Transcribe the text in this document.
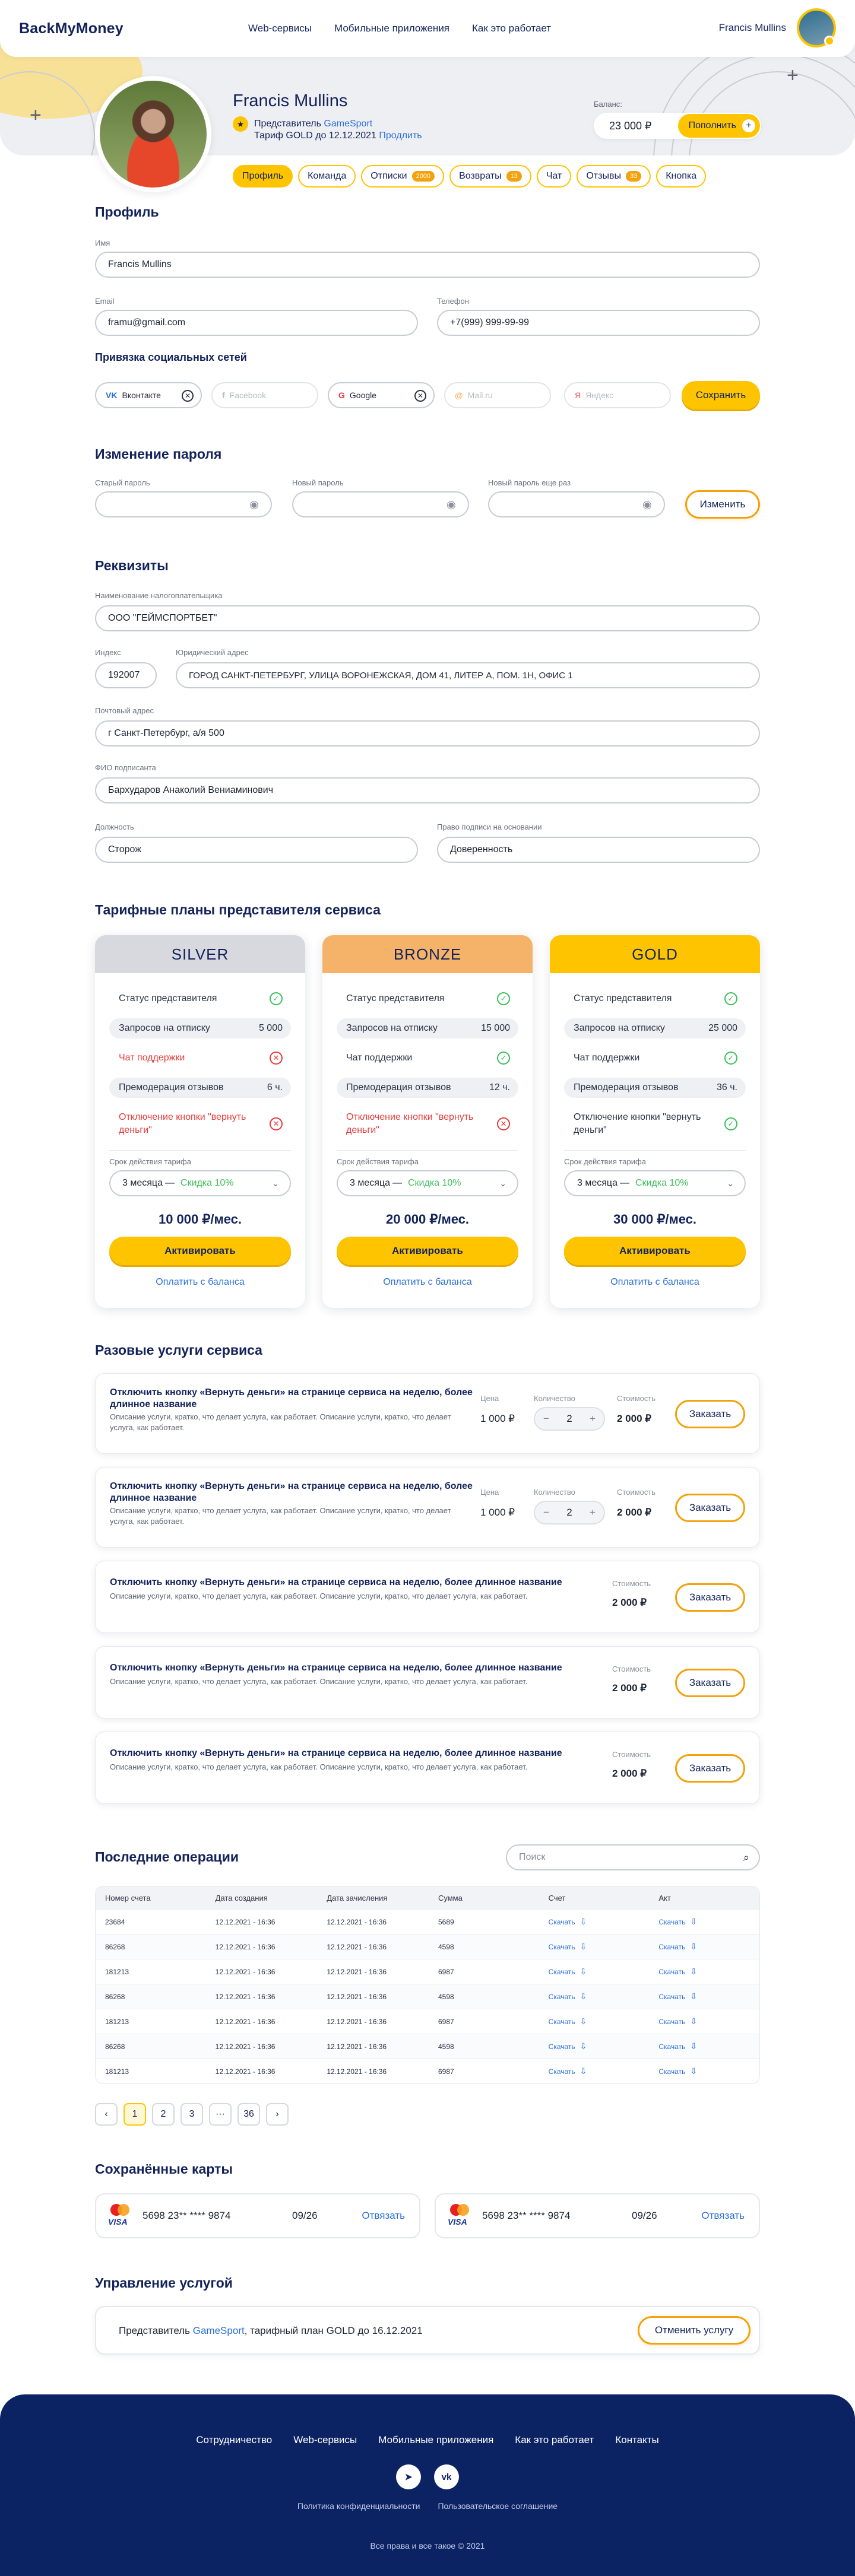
+
+
BackMyMoney	Web-сервисы Мобильные приложения Как это работает	Francis Mullins
Francis Mullins
★	Представитель GameSport
Тариф GOLD до 12.12.2021 Продлить
Баланс:
23 000 ₽	Пополнить	+
Профиль	Команда	Отписки	2000	Возвраты	13	Чат	Отзывы	33	Кнопка
Профиль
Имя
Francis Mullins
Email
framu@gmail.com
Телефон
+7(999) 999-99-99
Привязка социальных сетей
VK Вконтакте	✕	f Facebook	G Google	✕	@ Mail.ru	Я Яндекс	Сохранить
Изменение пароля
Старый пароль
◉
Новый пароль
◉
Новый пароль еще раз
◉	Изменить
Реквизиты
Наименование налогоплательщика
ООО "ГЕЙМСПОРТБЕТ"
Индекс
192007
Юридический адрес
ГОРОД САНКТ-ПЕТЕРБУРГ, УЛИЦА ВОРОНЕЖСКАЯ, ДОМ 41, ЛИТЕР А, ПОМ. 1Н, ОФИС 1
Почтовый адрес
г Санкт-Петербург, а/я 500
ФИО подписанта
Бархударов Анаколий Вениаминович
Должность
Сторож
Право подписи на основании
Доверенность
Тарифные планы представителя сервиса
SILVER
Статус представителя	✓
Запросов на отписку	5 000
Чат поддержки	✕
Премодерация отзывов	6 ч.
Отключение кнопки "вернуть деньги"
✕
Срок действия тарифа
3 месяца — Скидка 10%	⌄
10 000 ₽/мес.
Активировать
Оплатить с баланса
BRONZE
Статус представителя	✓
Запросов на отписку	15 000
Чат поддержки	✓
Премодерация отзывов	12 ч.
Отключение кнопки "вернуть деньги"
✕
Срок действия тарифа
3 месяца — Скидка 10%	⌄
20 000 ₽/мес.
Активировать
Оплатить с баланса
GOLD
Статус представителя	✓
Запросов на отписку	25 000
Чат поддержки	✓
Премодерация отзывов	36 ч.
Отключение кнопки "вернуть деньги"
✓
Срок действия тарифа
3 месяца — Скидка 10%	⌄
30 000 ₽/мес.
Активировать
Оплатить с баланса
Разовые услуги сервиса
Отключить кнопку «Вернуть деньги» на странице сервиса на неделю, более длинное название
Описание услуги, кратко, что делает услуга, как работает. Описание услуги, кратко, что делает услуга, как работает.
Цена
1 000 ₽
Количество
− 2 +
Стоимость
2 000 ₽	Заказать
Отключить кнопку «Вернуть деньги» на странице сервиса на неделю, более длинное название
Описание услуги, кратко, что делает услуга, как работает. Описание услуги, кратко, что делает услуга, как работает.
Цена
1 000 ₽
Количество
− 2 +
Стоимость
2 000 ₽	Заказать
Отключить кнопку «Вернуть деньги» на странице сервиса на неделю, более длинное название
Описание услуги, кратко, что делает услуга, как работает. Описание услуги, кратко, что делает услуга, как работает.
Стоимость
2 000 ₽	Заказать
Отключить кнопку «Вернуть деньги» на странице сервиса на неделю, более длинное название
Описание услуги, кратко, что делает услуга, как работает. Описание услуги, кратко, что делает услуга, как работает.
Стоимость
2 000 ₽	Заказать
Отключить кнопку «Вернуть деньги» на странице сервиса на неделю, более длинное название
Описание услуги, кратко, что делает услуга, как работает. Описание услуги, кратко, что делает услуга, как работает.
Стоимость
2 000 ₽	Заказать
Последние операции	Поиск	⌕
Номер счета	Дата создания	Дата зачисления	Сумма	Счет	Акт
23684	12.12.2021 - 16:36	12.12.2021 - 16:36	5689	Скачать ⇩	Скачать ⇩
86268	12.12.2021 - 16:36	12.12.2021 - 16:36	4598	Скачать ⇩	Скачать ⇩
181213	12.12.2021 - 16:36	12.12.2021 - 16:36	6987	Скачать ⇩	Скачать ⇩
86268	12.12.2021 - 16:36	12.12.2021 - 16:36	4598	Скачать ⇩	Скачать ⇩
181213	12.12.2021 - 16:36	12.12.2021 - 16:36	6987	Скачать ⇩	Скачать ⇩
86268	12.12.2021 - 16:36	12.12.2021 - 16:36	4598	Скачать ⇩	Скачать ⇩
181213	12.12.2021 - 16:36	12.12.2021 - 16:36	6987	Скачать ⇩	Скачать ⇩
‹	1	2	3	···	36	›
Сохранённые карты
VISA
5698 23** **** 9874	09/26	Отвязать
VISA
5698 23** **** 9874	09/26	Отвязать
Управление услугой
Представитель GameSport, тарифный план GOLD до 16.12.2021	Отменить услугу
Сотрудничество Web-сервисы Мобильные приложения Как это работает Контакты
➤	vk
Политика конфиденциальности Пользовательское соглашение
Все права и все такое © 2021
